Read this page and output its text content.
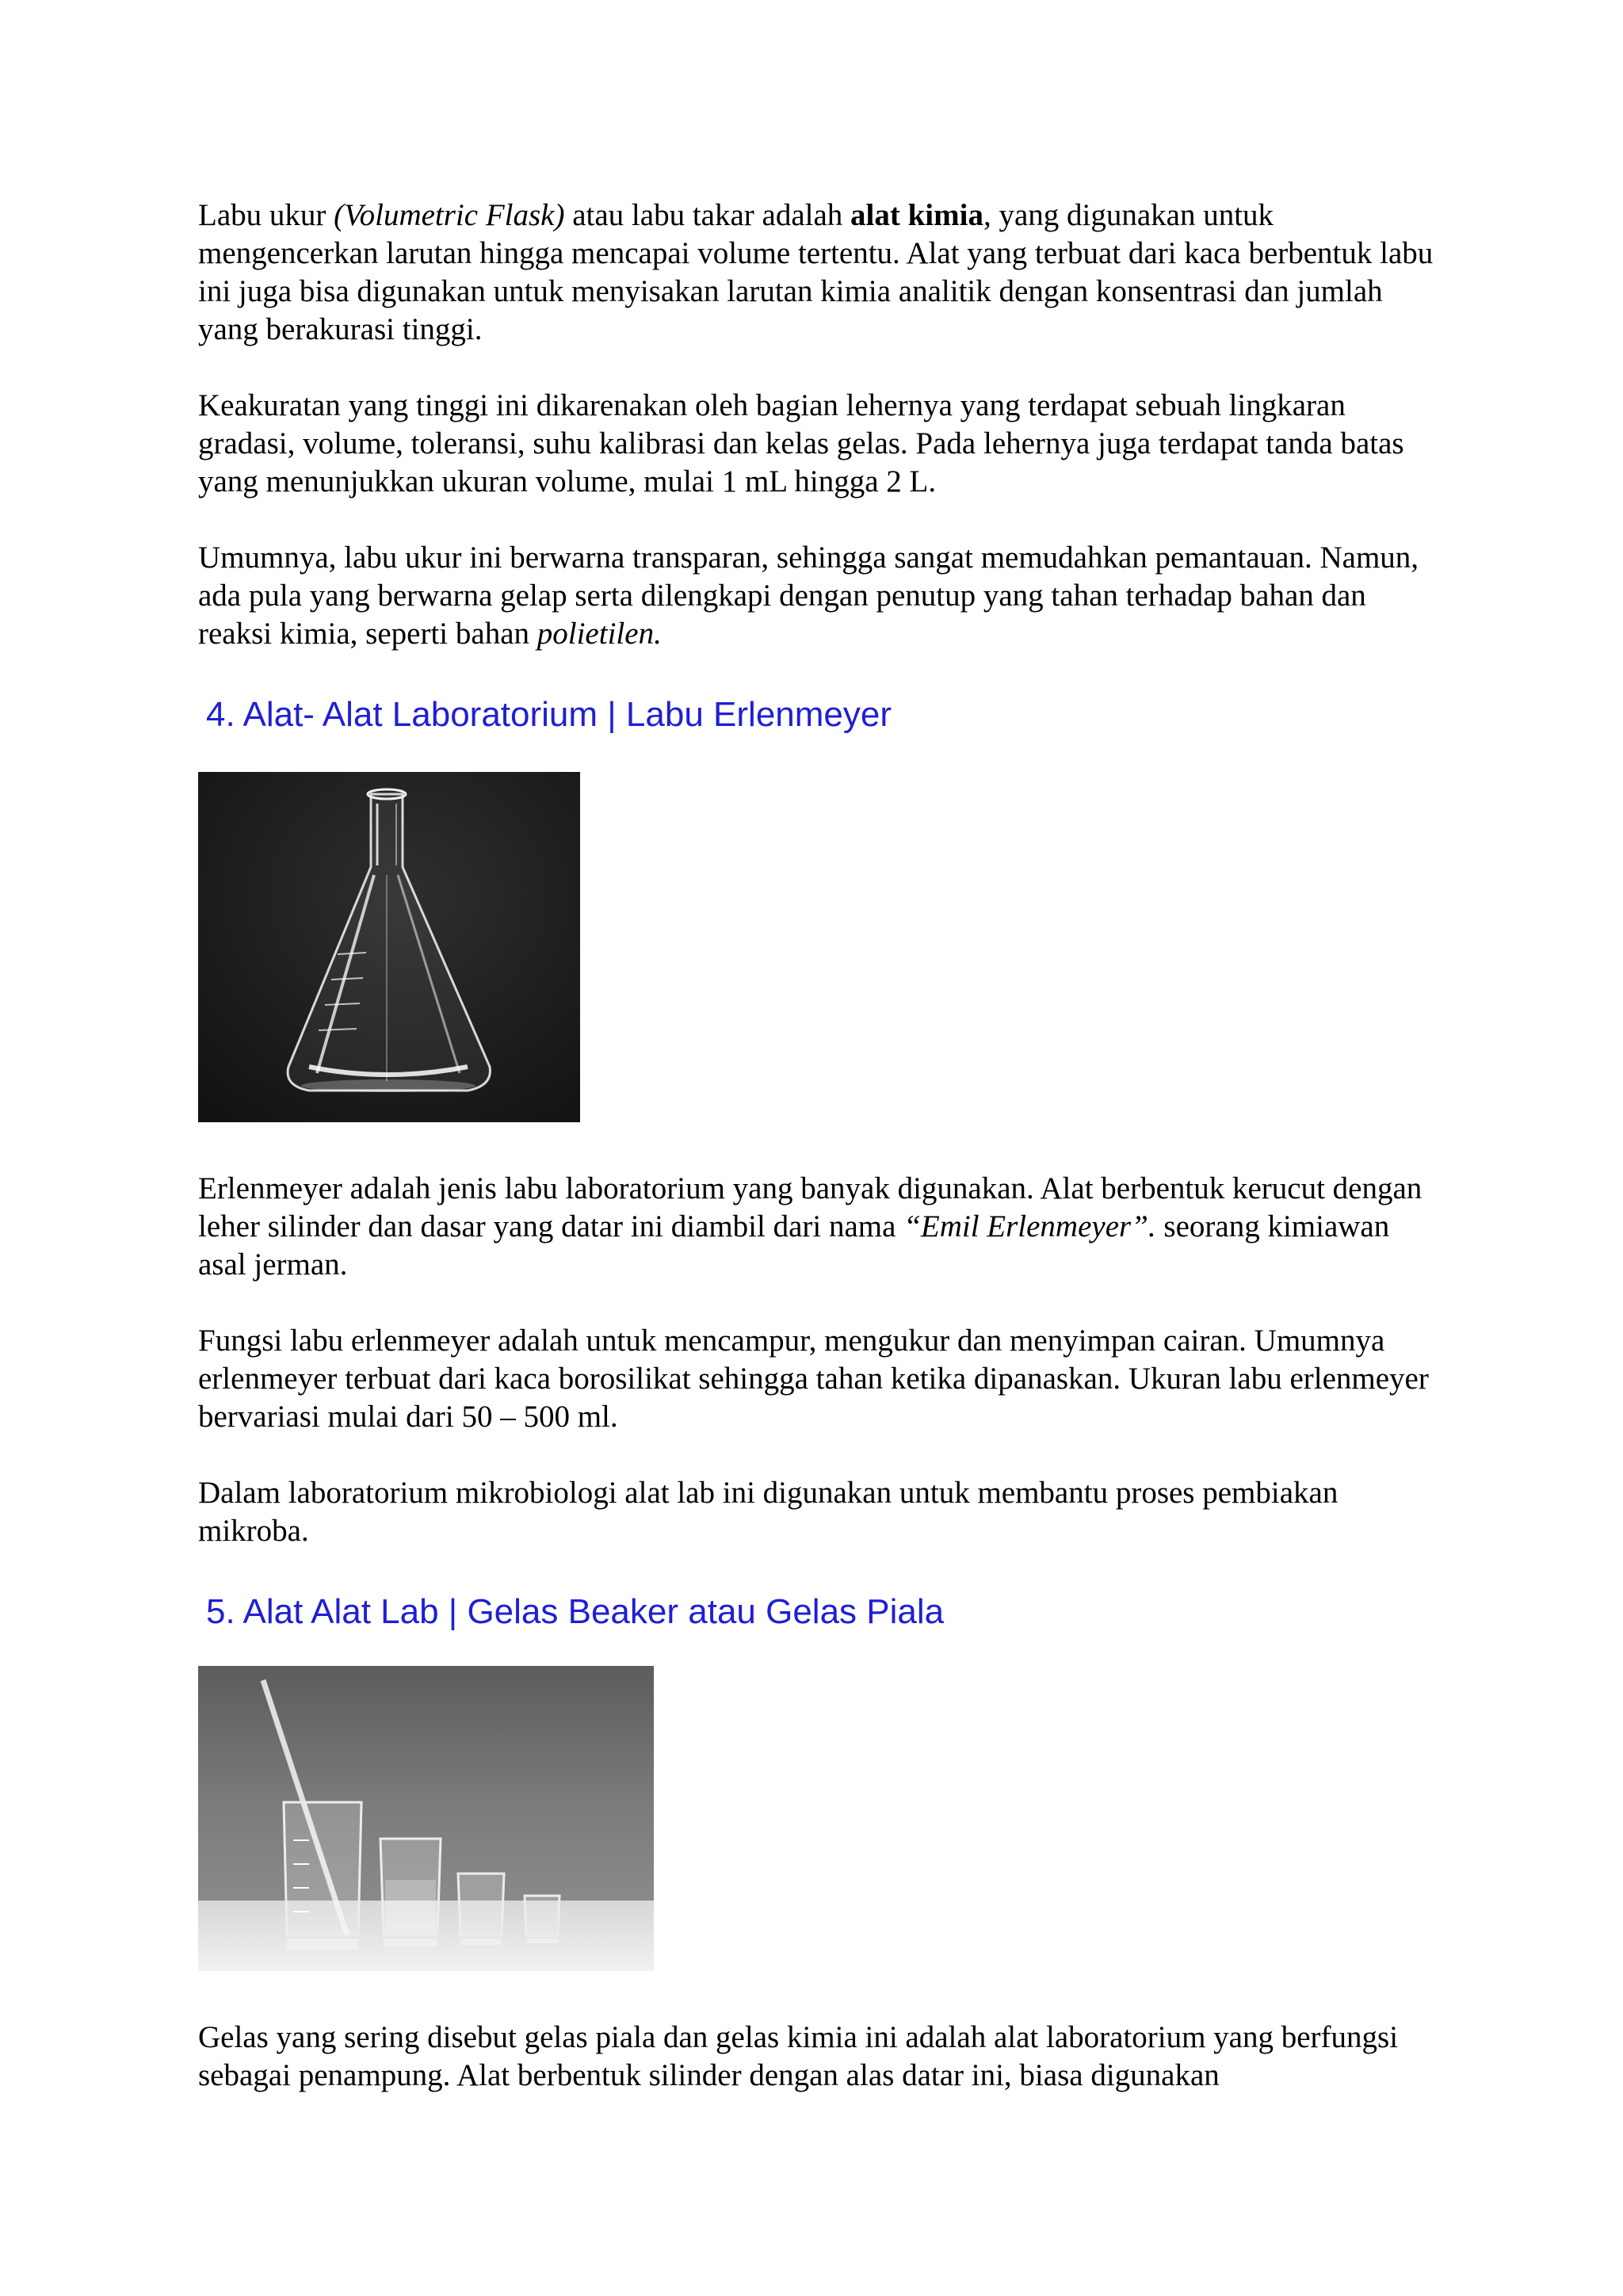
Labu ukur (Volumetric Flask) atau labu takar adalah alat kimia, yang digunakan untuk mengencerkan larutan hingga mencapai volume tertentu. Alat yang terbuat dari kaca berbentuk labu ini juga bisa digunakan untuk menyisakan larutan kimia analitik dengan konsentrasi dan jumlah yang berakurasi tinggi.

Keakuratan yang tinggi ini dikarenakan oleh bagian lehernya yang terdapat sebuah lingkaran gradasi, volume, toleransi, suhu kalibrasi dan kelas gelas. Pada lehernya juga terdapat tanda batas yang menunjukkan ukuran volume, mulai 1 mL hingga 2 L.

Umumnya, labu ukur ini berwarna transparan, sehingga sangat memudahkan pemantauan. Namun, ada pula yang berwarna gelap serta dilengkapi dengan penutup yang tahan terhadap bahan dan reaksi kimia, seperti bahan polietilen.

4. Alat- Alat Laboratorium | Labu Erlenmeyer

Erlenmeyer adalah jenis labu laboratorium yang banyak digunakan. Alat berbentuk kerucut dengan leher silinder dan dasar yang datar ini diambil dari nama “Emil Erlenmeyer”. seorang kimiawan asal jerman.

Fungsi labu erlenmeyer adalah untuk mencampur, mengukur dan menyimpan cairan. Umumnya erlenmeyer terbuat dari kaca borosilikat sehingga tahan ketika dipanaskan. Ukuran labu erlenmeyer bervariasi mulai dari 50 – 500 ml.

Dalam laboratorium mikrobiologi alat lab ini digunakan untuk membantu proses pembiakan mikroba.

5. Alat Alat Lab | Gelas Beaker atau Gelas Piala

Gelas yang sering disebut gelas piala dan gelas kimia ini adalah alat laboratorium yang berfungsi sebagai penampung. Alat berbentuk silinder dengan alas datar ini, biasa digunakan
